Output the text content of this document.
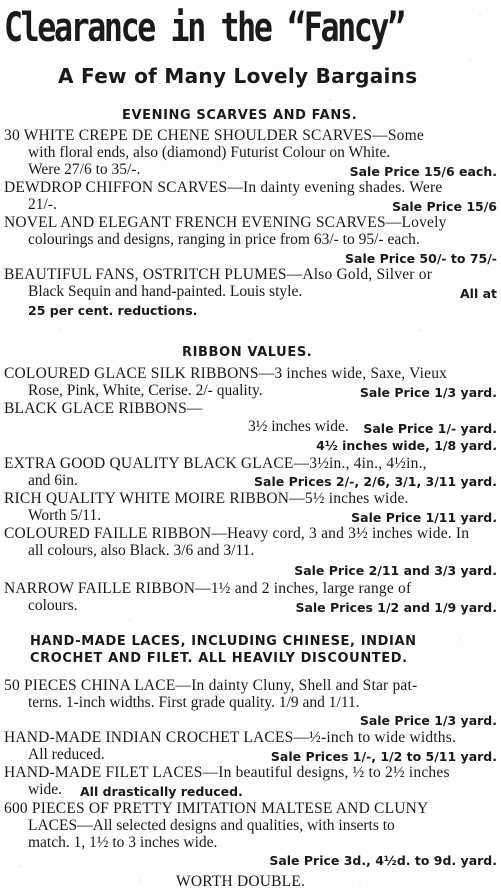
Clearance in the “Fancy”
A Few of Many Lovely Bargains
EVENING SCARVES AND FANS.
30 WHITE CREPE DE CHENE SHOULDER SCARVES—Some
with floral ends, also (diamond) Futurist Colour on White.
Were 27/6 to 35/-.	Sale Price 15/6 each.
DEWDROP CHIFFON SCARVES—In dainty evening shades. Were
21/-.	Sale Price 15/6
NOVEL AND ELEGANT FRENCH EVENING SCARVES—Lovely
colourings and designs, ranging in price from 63/- to 95/- each.
Sale Price 50/- to 75/-
BEAUTIFUL FANS, OSTRITCH PLUMES—Also Gold, Silver or
Black Sequin and hand-painted. Louis style.	All at
25 per cent. reductions.
RIBBON VALUES.
COLOURED GLACE SILK RIBBONS—3 inches wide, Saxe, Vieux
Rose, Pink, White, Cerise. 2/- quality.	Sale Price 1/3 yard.
BLACK GLACE RIBBONS—
3½ inches wide. Sale Price 1/- yard.
4½ inches wide, 1/8 yard.
EXTRA GOOD QUALITY BLACK GLACE—3½in., 4in., 4½in.,
and 6in.	Sale Prices 2/-, 2/6, 3/1, 3/11 yard.
RICH QUALITY WHITE MOIRE RIBBON—5½ inches wide.
Worth 5/11.	Sale Price 1/11 yard.
COLOURED FAILLE RIBBON—Heavy cord, 3 and 3½ inches wide. In
all colours, also Black. 3/6 and 3/11.
Sale Price 2/11 and 3/3 yard.
NARROW FAILLE RIBBON—1½ and 2 inches, large range of
colours.	Sale Prices 1/2 and 1/9 yard.
HAND-MADE LACES, INCLUDING CHINESE, INDIAN
CROCHET AND FILET. ALL HEAVILY DISCOUNTED.
50 PIECES CHINA LACE—In dainty Cluny, Shell and Star pat-
terns. 1-inch widths. First grade quality. 1/9 and 1/11.
Sale Price 1/3 yard.
HAND-MADE INDIAN CROCHET LACES—½-inch to wide widths.
All reduced.	Sale Prices 1/-, 1/2 to 5/11 yard.
HAND-MADE FILET LACES—In beautiful designs, ½ to 2½ inches
wide. All drastically reduced.
600 PIECES OF PRETTY IMITATION MALTESE AND CLUNY
LACES—All selected designs and qualities, with inserts to
match. 1, 1½ to 3 inches wide.
Sale Price 3d., 4½d. to 9d. yard.
WORTH DOUBLE.
